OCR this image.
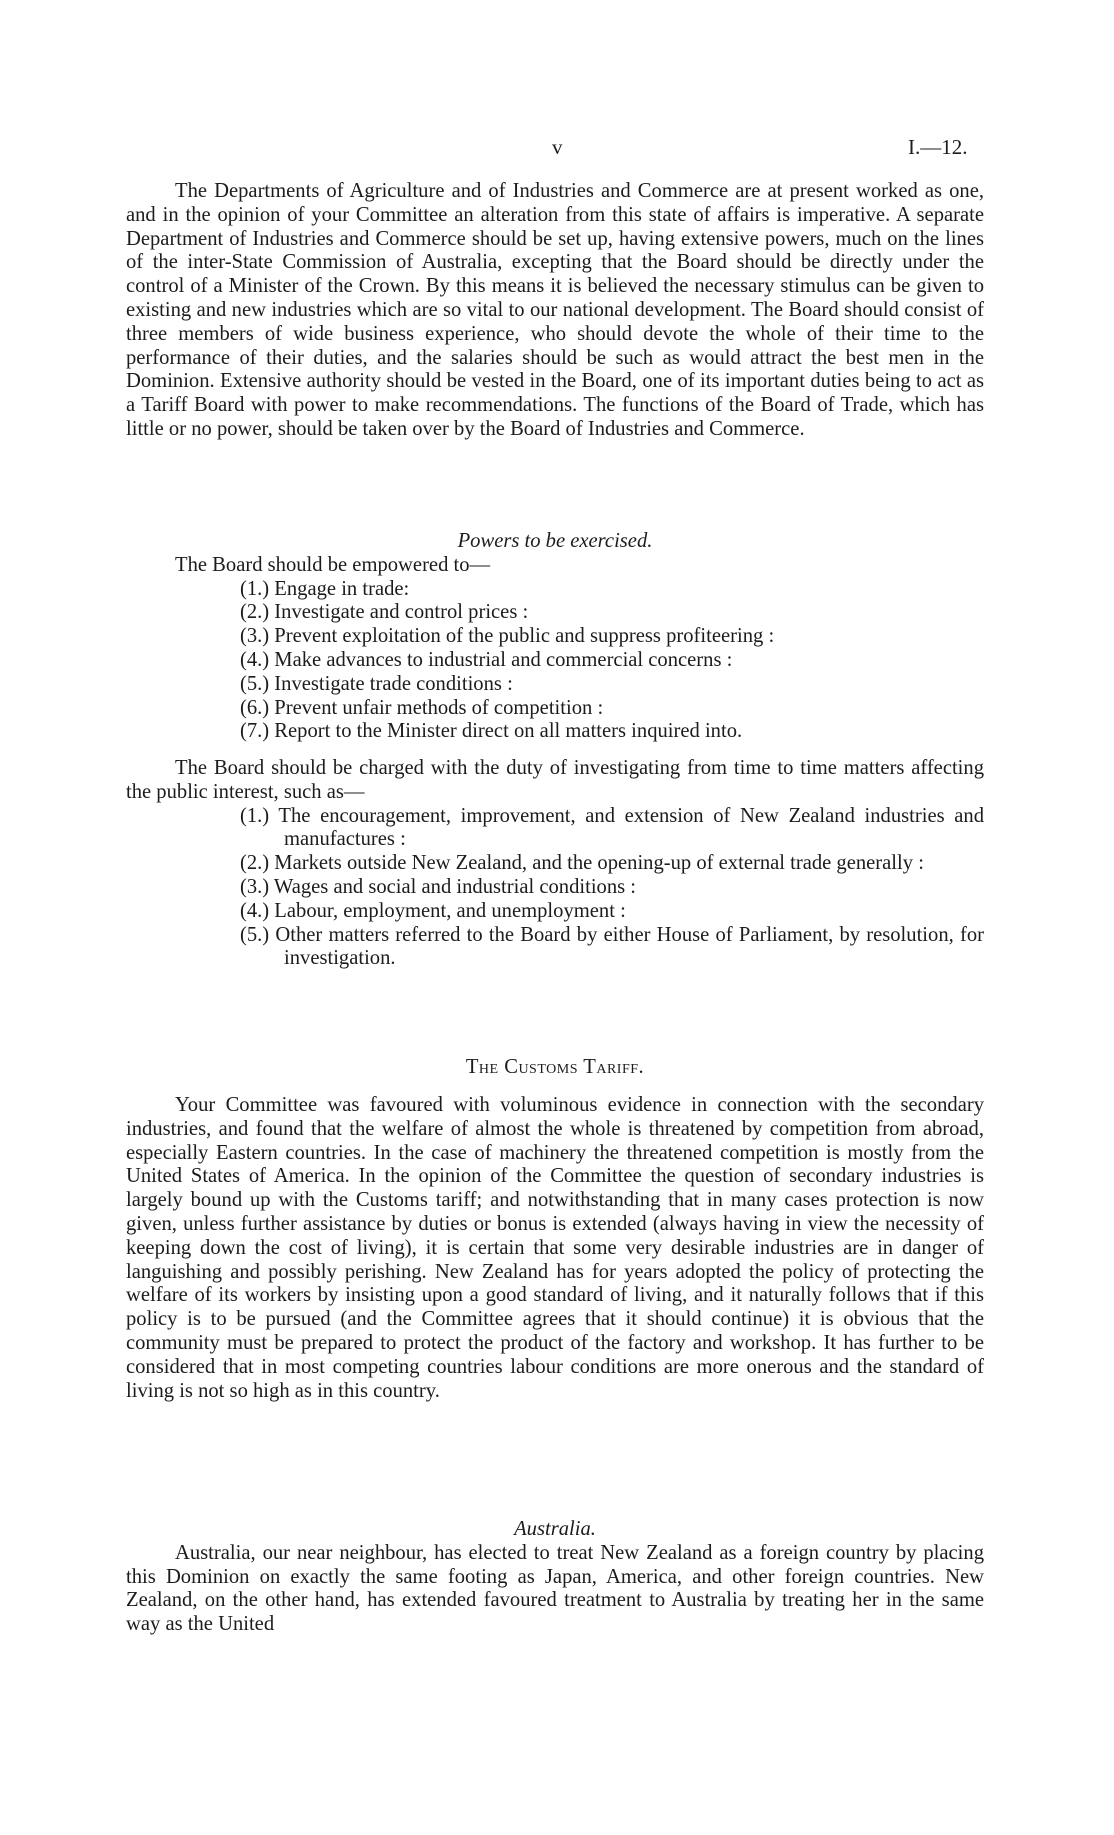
v	I.—12.

The Departments of Agriculture and of Industries and Commerce are at present worked as one, and in the opinion of your Committee an alteration from this state of affairs is imperative. A separate Department of Industries and Commerce should be set up, having extensive powers, much on the lines of the inter-State Commission of Australia, excepting that the Board should be directly under the control of a Minister of the Crown. By this means it is believed the necessary stimulus can be given to existing and new industries which are so vital to our national development. The Board should consist of three members of wide business experience, who should devote the whole of their time to the performance of their duties, and the salaries should be such as would attract the best men in the Dominion. Extensive authority should be vested in the Board, one of its important duties being to act as a Tariff Board with power to make recommendations. The functions of the Board of Trade, which has little or no power, should be taken over by the Board of Industries and Commerce.

Powers to be exercised.

The Board should be empowered to—

(1.) Engage in trade:
(2.) Investigate and control prices :
(3.) Prevent exploitation of the public and suppress profiteering :
(4.) Make advances to industrial and commercial concerns :
(5.) Investigate trade conditions :
(6.) Prevent unfair methods of competition :
(7.) Report to the Minister direct on all matters inquired into.

The Board should be charged with the duty of investigating from time to time matters affecting the public interest, such as—

(1.) The encouragement, improvement, and extension of New Zealand industries and manufactures :
(2.) Markets outside New Zealand, and the opening-up of external trade generally :
(3.) Wages and social and industrial conditions :
(4.) Labour, employment, and unemployment :
(5.) Other matters referred to the Board by either House of Parliament, by resolution, for investigation.

The Customs Tariff.

Your Committee was favoured with voluminous evidence in connection with the secondary industries, and found that the welfare of almost the whole is threatened by competition from abroad, especially Eastern countries. In the case of machinery the threatened competition is mostly from the United States of America. In the opinion of the Committee the question of secondary industries is largely bound up with the Customs tariff; and notwithstanding that in many cases protection is now given, unless further assistance by duties or bonus is extended (always having in view the necessity of keeping down the cost of living), it is certain that some very desirable industries are in danger of languishing and possibly perishing. New Zealand has for years adopted the policy of protecting the welfare of its workers by insisting upon a good standard of living, and it naturally follows that if this policy is to be pursued (and the Committee agrees that it should continue) it is obvious that the community must be prepared to protect the product of the factory and workshop. It has further to be considered that in most competing countries labour conditions are more onerous and the standard of living is not so high as in this country.

Australia.

Australia, our near neighbour, has elected to treat New Zealand as a foreign country by placing this Dominion on exactly the same footing as Japan, America, and other foreign countries. New Zealand, on the other hand, has extended favoured treatment to Australia by treating her in the same way as the United
